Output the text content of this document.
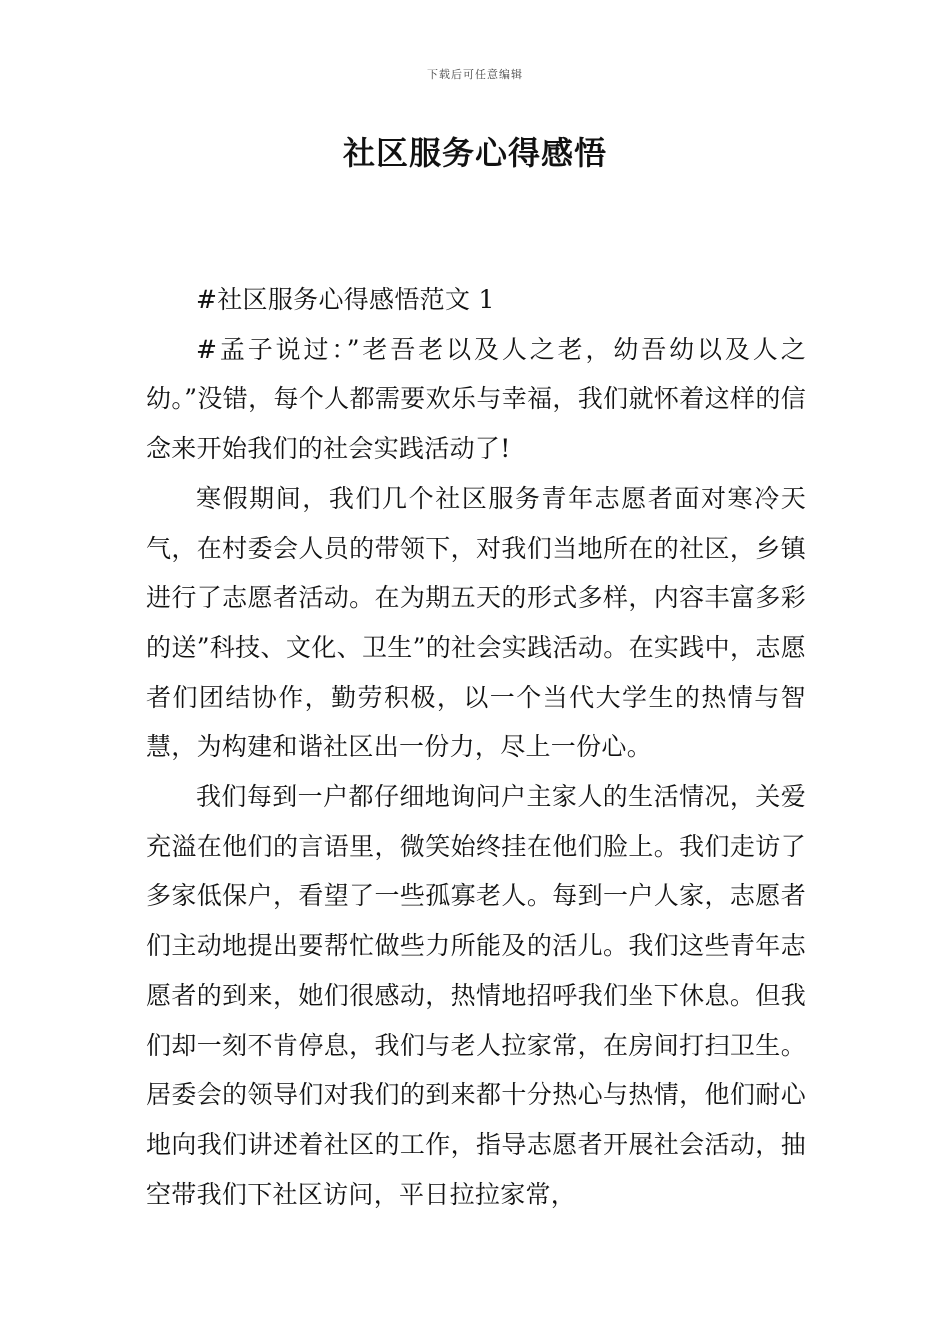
下载后可任意编辑
社区服务心得感悟

#社区服务心得感悟范文 1

#孟子说过：”老吾老以及人之老，幼吾幼以及人之幼。”没错，每个人都需要欢乐与幸福，我们就怀着这样的信念来开始我们的社会实践活动了!

寒假期间，我们几个社区服务青年志愿者面对寒冷天气，在村委会人员的带领下，对我们当地所在的社区，乡镇进行了志愿者活动。在为期五天的形式多样，内容丰富多彩的送”科技、文化、卫生”的社会实践活动。在实践中，志愿者们团结协作，勤劳积极，以一个当代大学生的热情与智慧，为构建和谐社区出一份力，尽上一份心。

我们每到一户都仔细地询问户主家人的生活情况，关爱充溢在他们的言语里，微笑始终挂在他们脸上。我们走访了多家低保户，看望了一些孤寡老人。每到一户人家，志愿者们主动地提出要帮忙做些力所能及的活儿。我们这些青年志愿者的到来，她们很感动，热情地招呼我们坐下休息。但我们却一刻不肯停息，我们与老人拉家常，在房间打扫卫生。居委会的领导们对我们的到来都十分热心与热情，他们耐心地向我们讲述着社区的工作，指导志愿者开展社会活动，抽空带我们下社区访问，平日拉拉家常，
